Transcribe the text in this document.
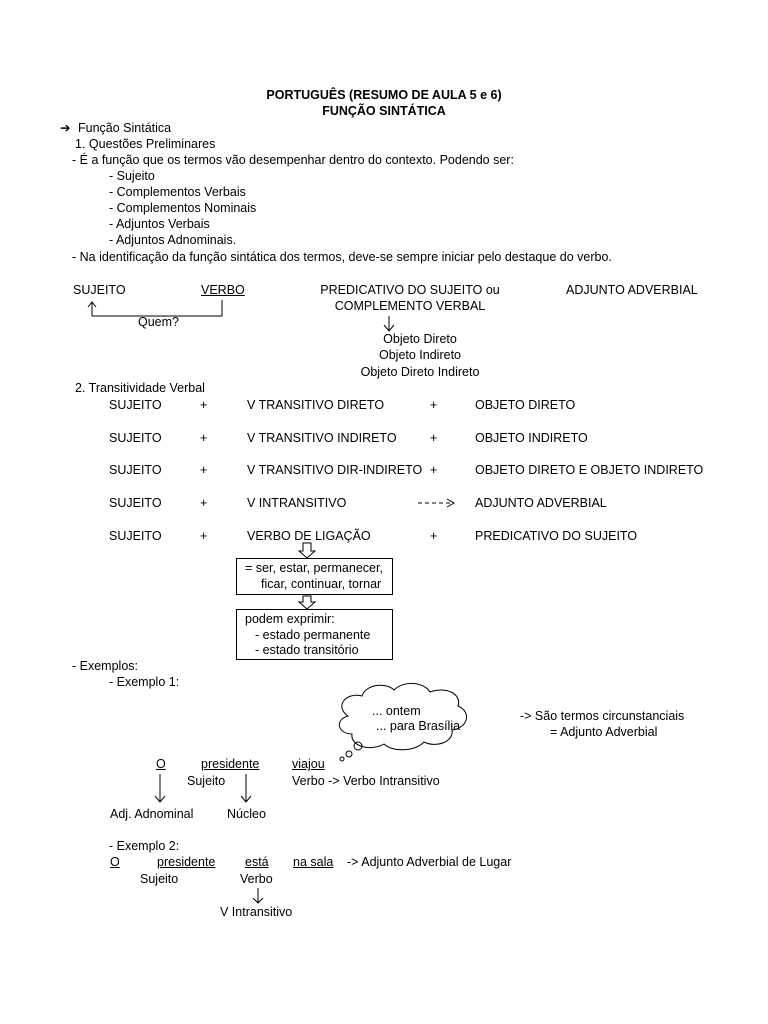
PORTUGUÊS (RESUMO DE AULA 5 e 6)
FUNÇÃO SINTÁTICA
➔ Função Sintática
1. Questões Preliminares
- É a função que os termos vão desempenhar dentro do contexto. Podendo ser:
- Sujeito
- Complementos Verbais
- Complementos Nominais
- Adjuntos Verbais
- Adjuntos Adnominais.
- Na identificação da função sintática dos termos, deve-se sempre iniciar pelo destaque do verbo.
SUJEITO	VERBO
Quem?
PREDICATIVO DO SUJEITO ou
COMPLEMENTO VERBAL
ADJUNTO ADVERBIAL
Objeto Direto
Objeto Indireto
Objeto Direto Indireto
2. Transitividade Verbal
SUJEITO	+	V TRANSITIVO DIRETO	+	OBJETO DIRETO
SUJEITO	+	V TRANSITIVO INDIRETO	+	OBJETO INDIRETO
SUJEITO	+	V TRANSITIVO DIR-INDIRETO +	OBJETO DIRETO E OBJETO INDIRETO
SUJEITO	+	V INTRANSITIVO	ADJUNTO ADVERBIAL
SUJEITO	+	VERBO DE LIGAÇÃO	+	PREDICATIVO DO SUJEITO
= ser, estar, permanecer,
ficar, continuar, tornar
podem exprimir:
- estado permanente
- estado transitório
- Exemplos:
- Exemplo 1:
... ontem
... para Brasília
-> São termos circunstanciais
= Adjunto Adverbial
O	presidente	viajou
Sujeito	Verbo -> Verbo Intransitivo
Adj. Adnominal	Núcleo
- Exemplo 2:
O	presidente está na sala -> Adjunto Adverbial de Lugar
Sujeito	Verbo
V Intransitivo
